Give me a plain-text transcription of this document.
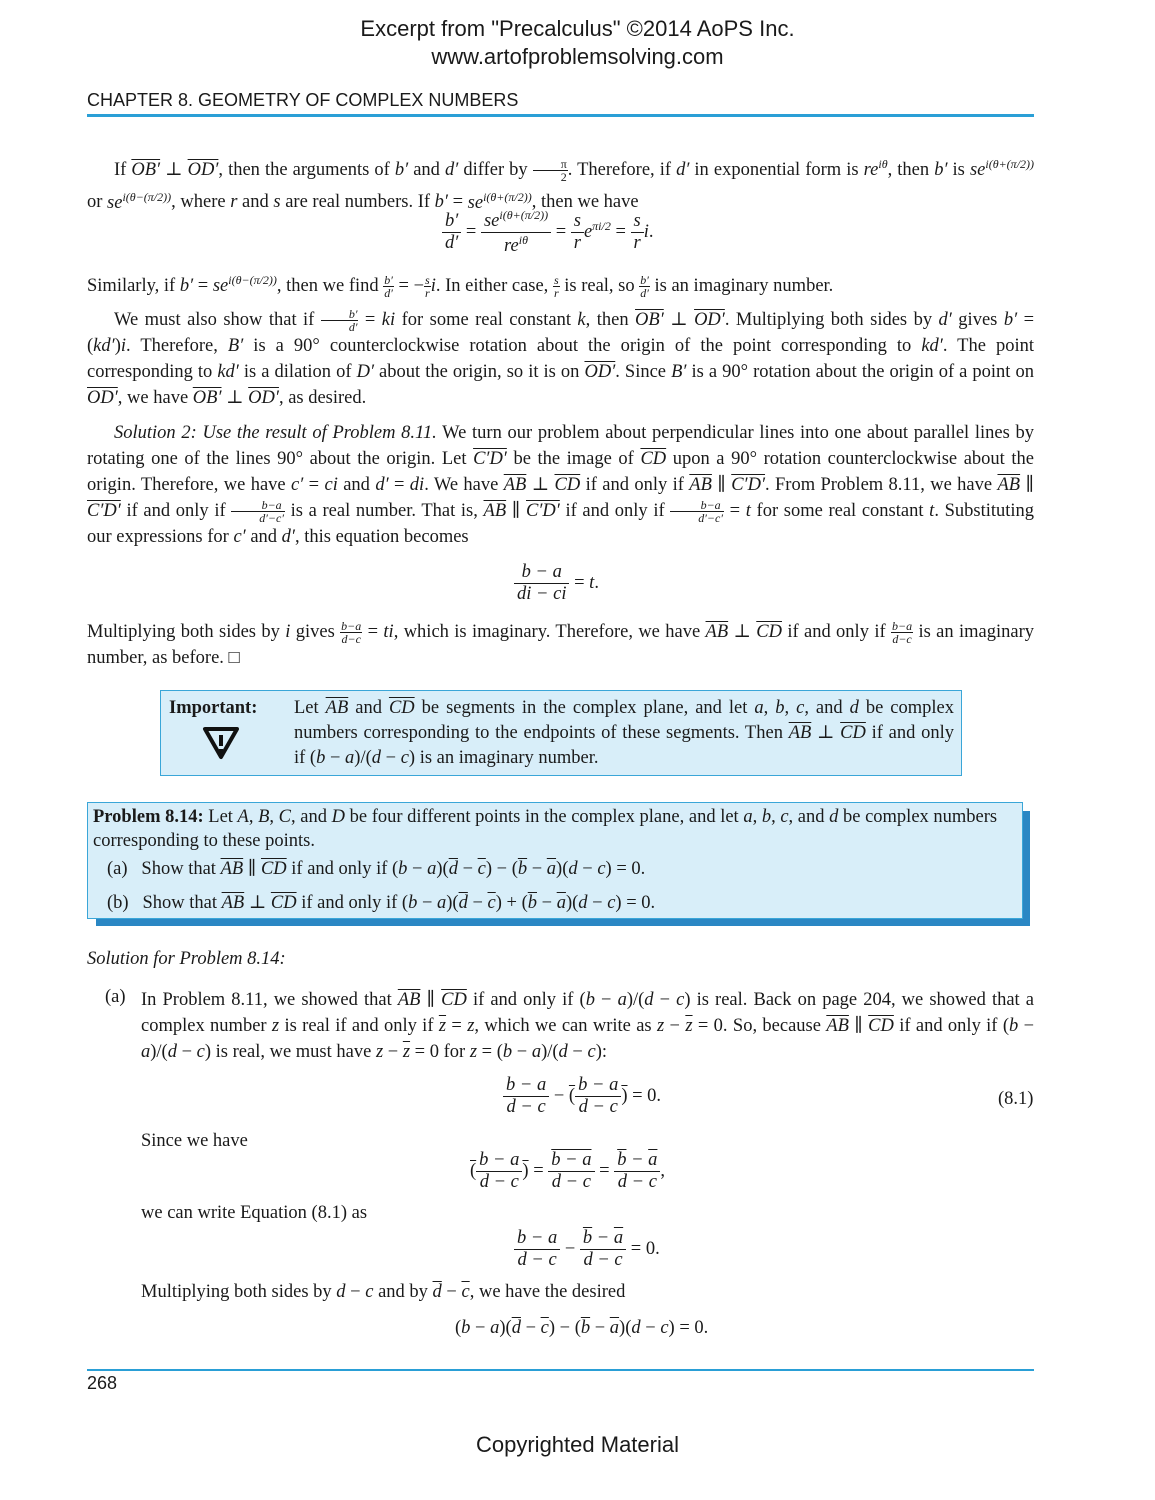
Excerpt from "Precalculus" ©2014 AoPS Inc.
www.artofproblemsolving.com
CHAPTER 8. GEOMETRY OF COMPLEX NUMBERS
If OB′ ⊥ OD′, then the arguments of b′ and d′ differ by $\frac{\pi}{2}$ . Therefore, if d′ in exponential form is $re^{i\theta}$, then b′ is $se^{i(\theta+(\pi/2))}$ or $se^{i(\theta-(\pi/2))}$, where r and s are real numbers. If $b' = se^{i(\theta+(\pi/2))}$, then we have
$\frac{b'}{d'} = \frac{se^{i(\theta+(\pi/2))}}{re^{i\theta}} = \frac{s}{r} e^{\pi i/2} = \frac{s}{r} i$.
Similarly, if $b' = se^{i(\theta-(\pi/2))}$, then we find $\frac{b'}{d'}$ = − $\frac{s}{r} i$. In either case, $\frac{s}{r}$ is real, so $\frac{b'}{d'}$ is an imaginary number.
We must also show that if $\frac{b'}{d'}$ = ki for some real constant k, then OB′ ⊥ OD′. Multiplying both sides by d′ gives b′ = (kd′)i. Therefore, B′ is a 90° counterclockwise rotation about the origin of the point corresponding to kd′. The point corresponding to kd′ is a dilation of D′ about the origin, so it is on OD′. Since B′ is a 90° rotation about the origin of a point on OD′, we have OB′ ⊥ OD′, as desired.
Solution 2: Use the result of Problem 8.11. We turn our problem about perpendicular lines into one about parallel lines by rotating one of the lines 90° about the origin. Let C′D′ be the image of $\overline{CD}$ upon a 90° rotation counterclockwise about the origin. Therefore, we have c′ = ci and d′ = di. We have $\overline{AB}$ ⊥ $\overline{CD}$ if and only if $\overline{AB}$ ∥ C′D′. From Problem 8.11, we have $\overline{AB}$ ∥ C′D′ if and only if $\frac{b-a}{d'-c'}$ is a real number. That is, $\overline{AB}$ ∥ C′D′ if and only if $\frac{b-a}{d'-c'} = t$ for some real constant t. Substituting our expressions for c′ and d′, this equation becomes
$\frac{b - a}{di - ci} = t$.
Multiplying both sides by i gives $\frac{b-a}{d-c}$ = ti, which is imaginary. Therefore, we have $\overline{AB}$ ⊥ $\overline{CD}$ if and only if $\frac{b-a}{d-c}$ is an imaginary number, as before. □
Important: Let $\overline{AB}$ and $\overline{CD}$ be segments in the complex plane, and let a, b, c, and d be complex numbers corresponding to the endpoints of these segments. Then $\overline{AB}$ ⊥ $\overline{CD}$ if and only if (b − a)/(d − c) is an imaginary number.
Problem 8.14: Let A, B, C, and D be four different points in the complex plane, and let a, b, c, and d be complex numbers corresponding to these points.
(a)   Show that $\overline{AB}$ ∥ $\overline{CD}$ if and only if $(b - a)(\overline{d} - \overline{c}) - (\overline{b} - \overline{a})(d - c) = 0$.
(b)   Show that $\overline{AB}$ ⊥ $\overline{CD}$ if and only if $(b - a)(\overline{d} - \overline{c}) + (\overline{b} - \overline{a})(d - c) = 0$.
Solution for Problem 8.14:
(a) In Problem 8.11, we showed that $\overline{AB}$ ∥ $\overline{CD}$ if and only if (b − a)/(d − c) is real. Back on page 204, we showed that a complex number z is real if and only if $\overline{z} = z$, which we can write as $z - \overline{z} = 0$. So, because $\overline{AB}$ ∥ $\overline{CD}$ if and only if (b − a)/(d − c) is real, we must have $z - \overline{z} = 0$ for z = (b − a)/(d − c):
$\frac{b - a}{d - c}$ − ( $\frac{b - a}{d - c}$ ) = 0.	(8.1)
Since we have
( $\frac{b - a}{d - c}$ ) = $\frac{b - a}{d - c} = \frac{\overline{b} - \overline{a}}{\overline{d} - \overline{c}}$ ,
we can write Equation (8.1) as
$\frac{b - a}{d - c} - \frac{\overline{b} - \overline{a}}{\overline{d} - \overline{c}} = 0$.
Multiplying both sides by d − c and by $\overline{d} - \overline{c}$, we have the desired
$(b - a)(\overline{d} - \overline{c}) - (\overline{b} - \overline{a})(d - c) = 0$.
268
Copyrighted Material
